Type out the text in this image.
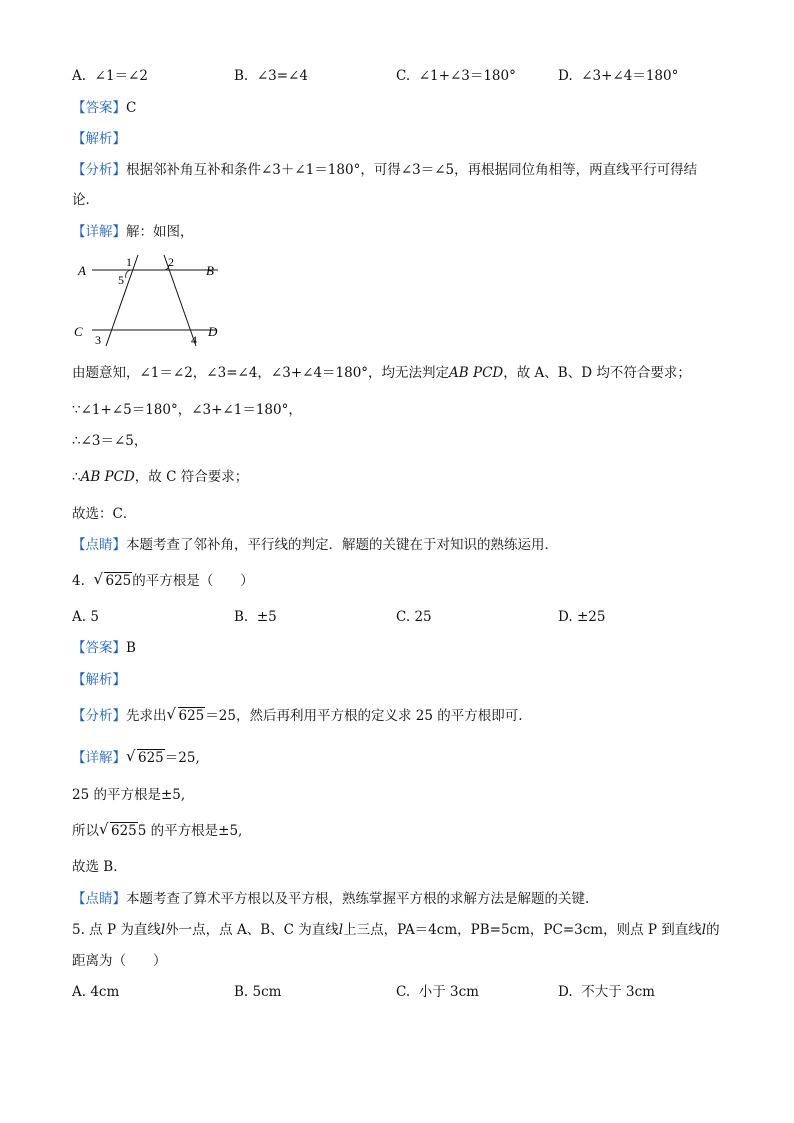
A. ∠1＝∠2	B. ∠3=∠4	C. ∠1+∠3＝180°	D. ∠3+∠4＝180°
【答案】C
【解析】
【分析】根据邻补角互补和条件∠3＋∠1＝180°，可得∠3＝∠5，再根据同位角相等，两直线平行可得结
论．
【详解】解：如图，
A	B
C	D
1	2
3	4
5
由题意知，∠1＝∠2，∠3=∠4，∠3+∠4＝180°，均无法判定AB PCD，故 A、B、D 均不符合要求；
∵∠1+∠5＝180°，∠3+∠1＝180°，
∴∠3＝∠5，
∴AB PCD，故 C 符合要求；
故选：C．
【点睛】本题考查了邻补角，平行线的判定．解题的关键在于对知识的熟练运用．
4. √ 625的平方根是（　　）
A. 5	B. ±5	C. 25	D. ±25
【答案】B
【解析】
【分析】先求出 √ 625＝25，然后再利用平方根的定义求 25 的平方根即可.
【详解】 √ 625＝25,
25 的平方根是±5,
所以 √ 6255 的平方根是±5,
故选 B.
【点睛】本题考查了算术平方根以及平方根，熟练掌握平方根的求解方法是解题的关键.
5. 点 P 为直线l外一点，点 A、B、C 为直线l上三点，PA＝4cm，PB=5cm，PC=3cm，则点 P 到直线l的
距离为（　　）
A. 4cm	B. 5cm	C. 小于 3cm	D. 不大于 3cm
